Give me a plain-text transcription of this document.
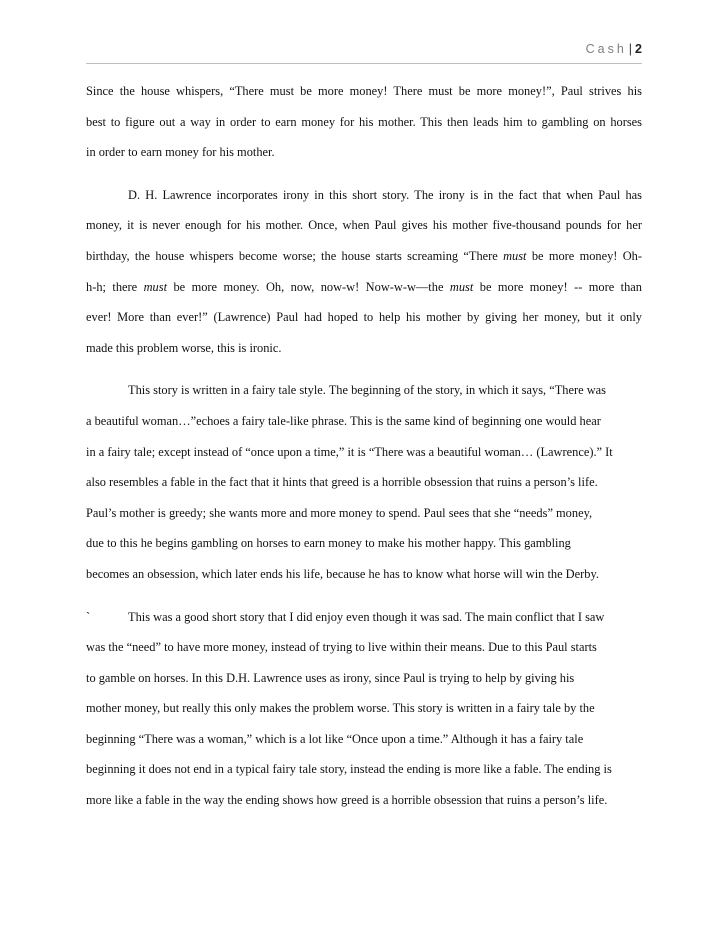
Cash | 2
Since the house whispers, “There must be more money! There must be more money!”, Paul strives his
best to figure out a way in order to earn money for his mother. This then leads him to gambling on horses
in order to earn money for his mother.
D. H. Lawrence incorporates irony in this short story. The irony is in the fact that when Paul has
money, it is never enough for his mother. Once, when Paul gives his mother five-thousand pounds for her
birthday, the house whispers become worse; the house starts screaming “There must be more money! Oh-
h-h; there must be more money. Oh, now, now-w! Now-w-w—the must be more money! -- more than
ever! More than ever!” (Lawrence) Paul had hoped to help his mother by giving her money, but it only
made this problem worse, this is ironic.
This story is written in a fairy tale style. The beginning of the story, in which it says, “There was
a beautiful woman…”echoes a fairy tale-like phrase. This is the same kind of beginning one would hear
in a fairy tale; except instead of “once upon a time,” it is “There was a beautiful woman… (Lawrence).” It
also resembles a fable in the fact that it hints that greed is a horrible obsession that ruins a person’s life.
Paul’s mother is greedy; she wants more and more money to spend. Paul sees that she “needs” money,
due to this he begins gambling on horses to earn money to make his mother happy. This gambling
becomes an obsession, which later ends his life, because he has to know what horse will win the Derby.
`	This was a good short story that I did enjoy even though it was sad. The main conflict that I saw
was the “need” to have more money, instead of trying to live within their means. Due to this Paul starts
to gamble on horses. In this D.H. Lawrence uses as irony, since Paul is trying to help by giving his
mother money, but really this only makes the problem worse. This story is written in a fairy tale by the
beginning “There was a woman,” which is a lot like “Once upon a time.” Although it has a fairy tale
beginning it does not end in a typical fairy tale story, instead the ending is more like a fable. The ending is
more like a fable in the way the ending shows how greed is a horrible obsession that ruins a person’s life.
